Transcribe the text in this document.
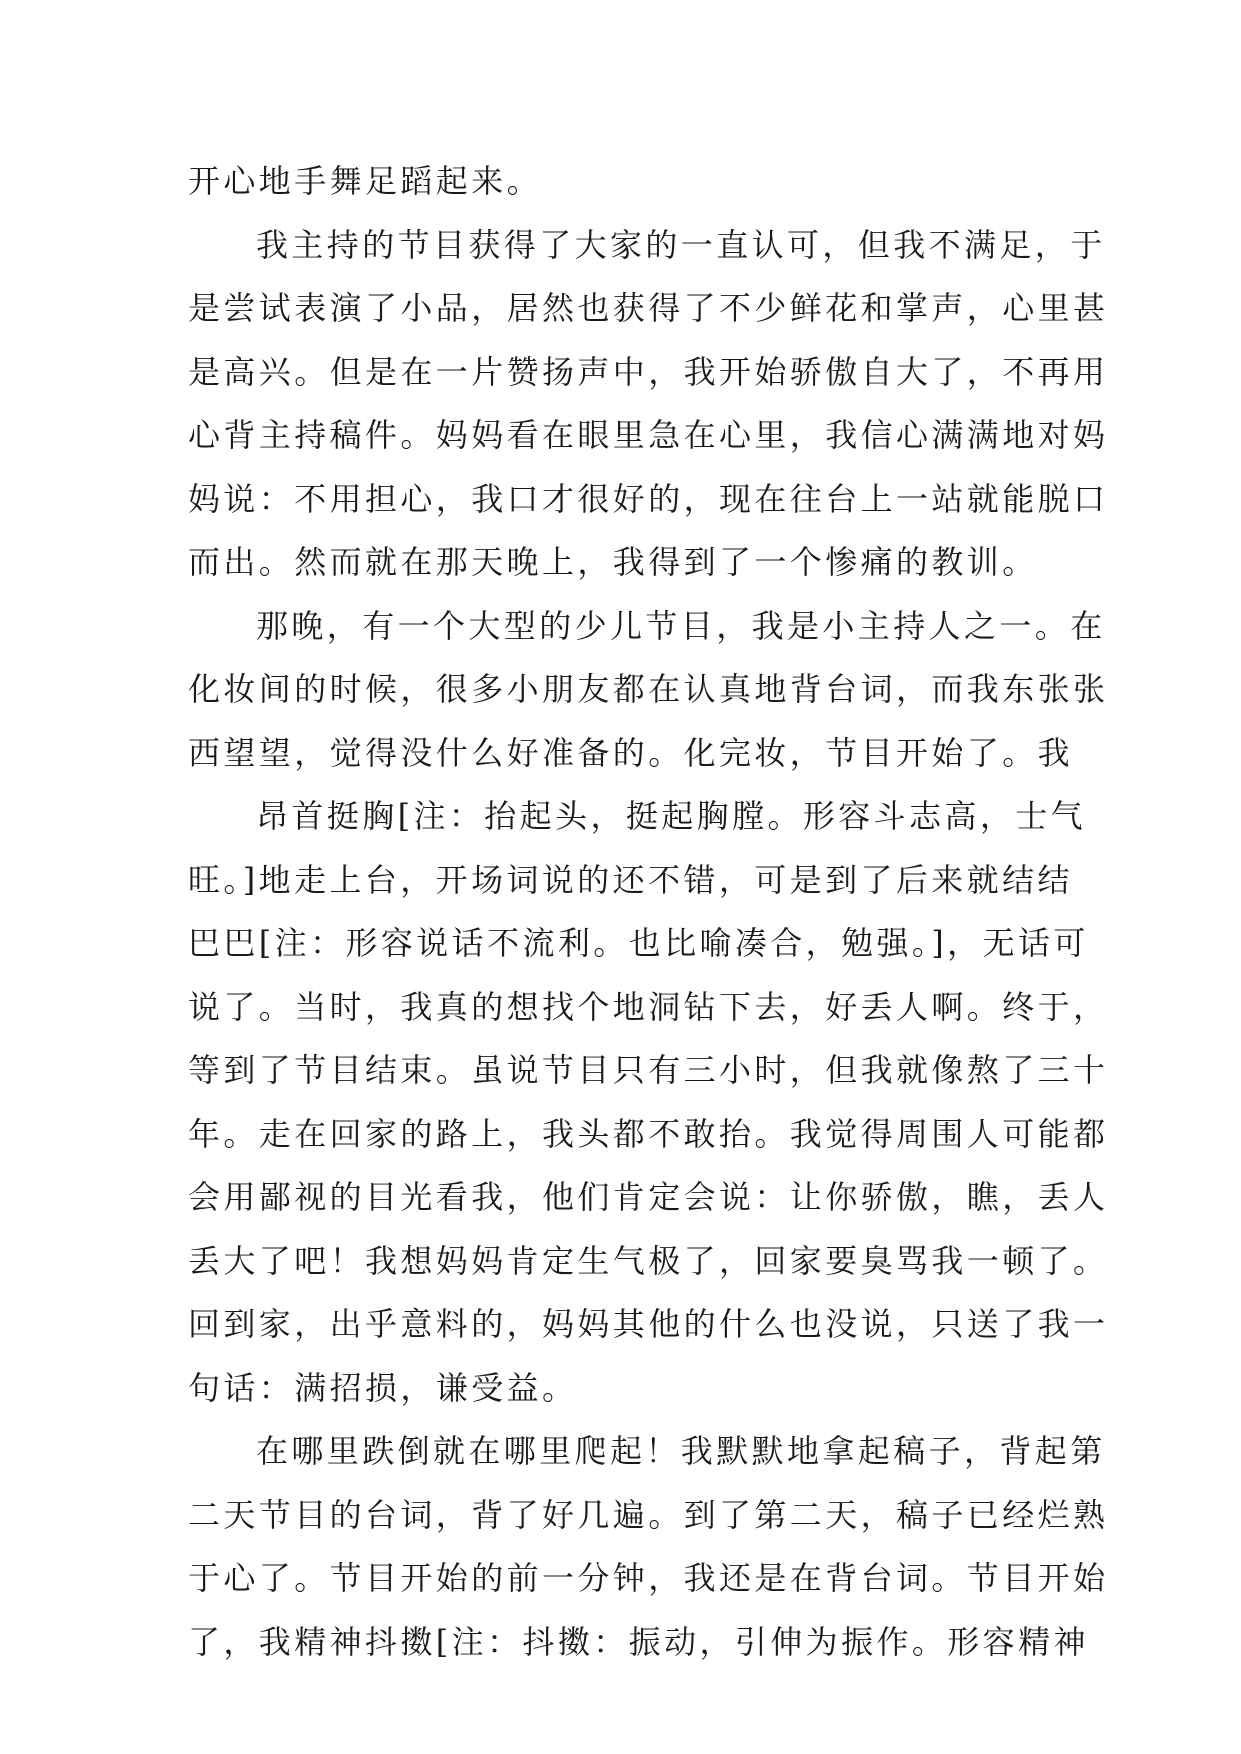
开心地手舞足蹈起来。
我主持的节目获得了大家的一直认可，但我不满足，于
是尝试表演了小品，居然也获得了不少鲜花和掌声，心里甚
是高兴。但是在一片赞扬声中，我开始骄傲自大了，不再用
心背主持稿件。妈妈看在眼里急在心里，我信心满满地对妈
妈说：不用担心，我口才很好的，现在往台上一站就能脱口
而出。然而就在那天晚上，我得到了一个惨痛的教训。
那晚，有一个大型的少儿节目，我是小主持人之一。在
化妆间的时候，很多小朋友都在认真地背台词，而我东张张
西望望，觉得没什么好准备的。化完妆，节目开始了。我
昂首挺胸[注：抬起头，挺起胸膛。形容斗志高，士气
旺。]地走上台，开场词说的还不错，可是到了后来就结结
巴巴[注：形容说话不流利。也比喻凑合，勉强。]，无话可
说了。当时，我真的想找个地洞钻下去，好丢人啊。终于，
等到了节目结束。虽说节目只有三小时，但我就像熬了三十
年。走在回家的路上，我头都不敢抬。我觉得周围人可能都
会用鄙视的目光看我，他们肯定会说：让你骄傲，瞧，丢人
丢大了吧！我想妈妈肯定生气极了，回家要臭骂我一顿了。
回到家，出乎意料的，妈妈其他的什么也没说，只送了我一
句话：满招损，谦受益。
在哪里跌倒就在哪里爬起！我默默地拿起稿子，背起第
二天节目的台词，背了好几遍。到了第二天，稿子已经烂熟
于心了。节目开始的前一分钟，我还是在背台词。节目开始
了，我精神抖擞[注：抖擞：振动，引伸为振作。形容精神
